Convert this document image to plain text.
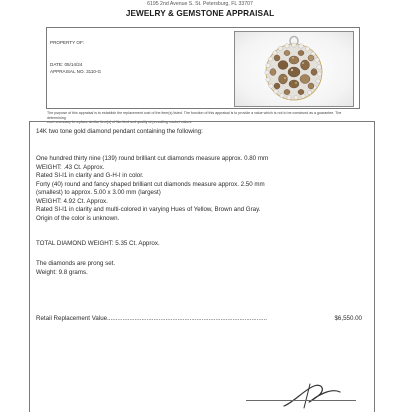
6195 2nd Avenue S. St. Petersburg, FL 33707
JEWELRY & GEMSTONE APPRAISAL
PROPERTY OF:
DATE: 05/14/24
APPRAISAL NO. 3110-G
The purpose of this appraisal is to establish the replacement cost of the item(s) listed. The function of this appraisal is to provide a value which is not to be construed as a guarantee. The determining
cost necessary to replace similar item(s) of like kind and quality at prevailing market values.
14K two tone gold diamond pendant containing the following:
One hundred thirty nine (139) round brilliant cut diamonds measure approx. 0.80 mm
WEIGHT: .43 Ct. Approx.
Rated SI-I1 in clarity and G-H-I in color.
Forty (40) round and fancy shaped brilliant cut diamonds measure approx. 2.50 mm
(smallest) to approx. 5.00 x 3.00 mm (largest)
WEIGHT: 4.92 Ct. Approx.
Rated SI-I1 in clarity and multi-colored in varying Hues of Yellow, Brown and Gray.
Origin of the color is unknown.
TOTAL DIAMOND WEIGHT: 5.35 Ct. Approx.
The diamonds are prong set.
Weight: 9.8 grams.
Retail Replacement Value.............................................................................................	$6,550.00
